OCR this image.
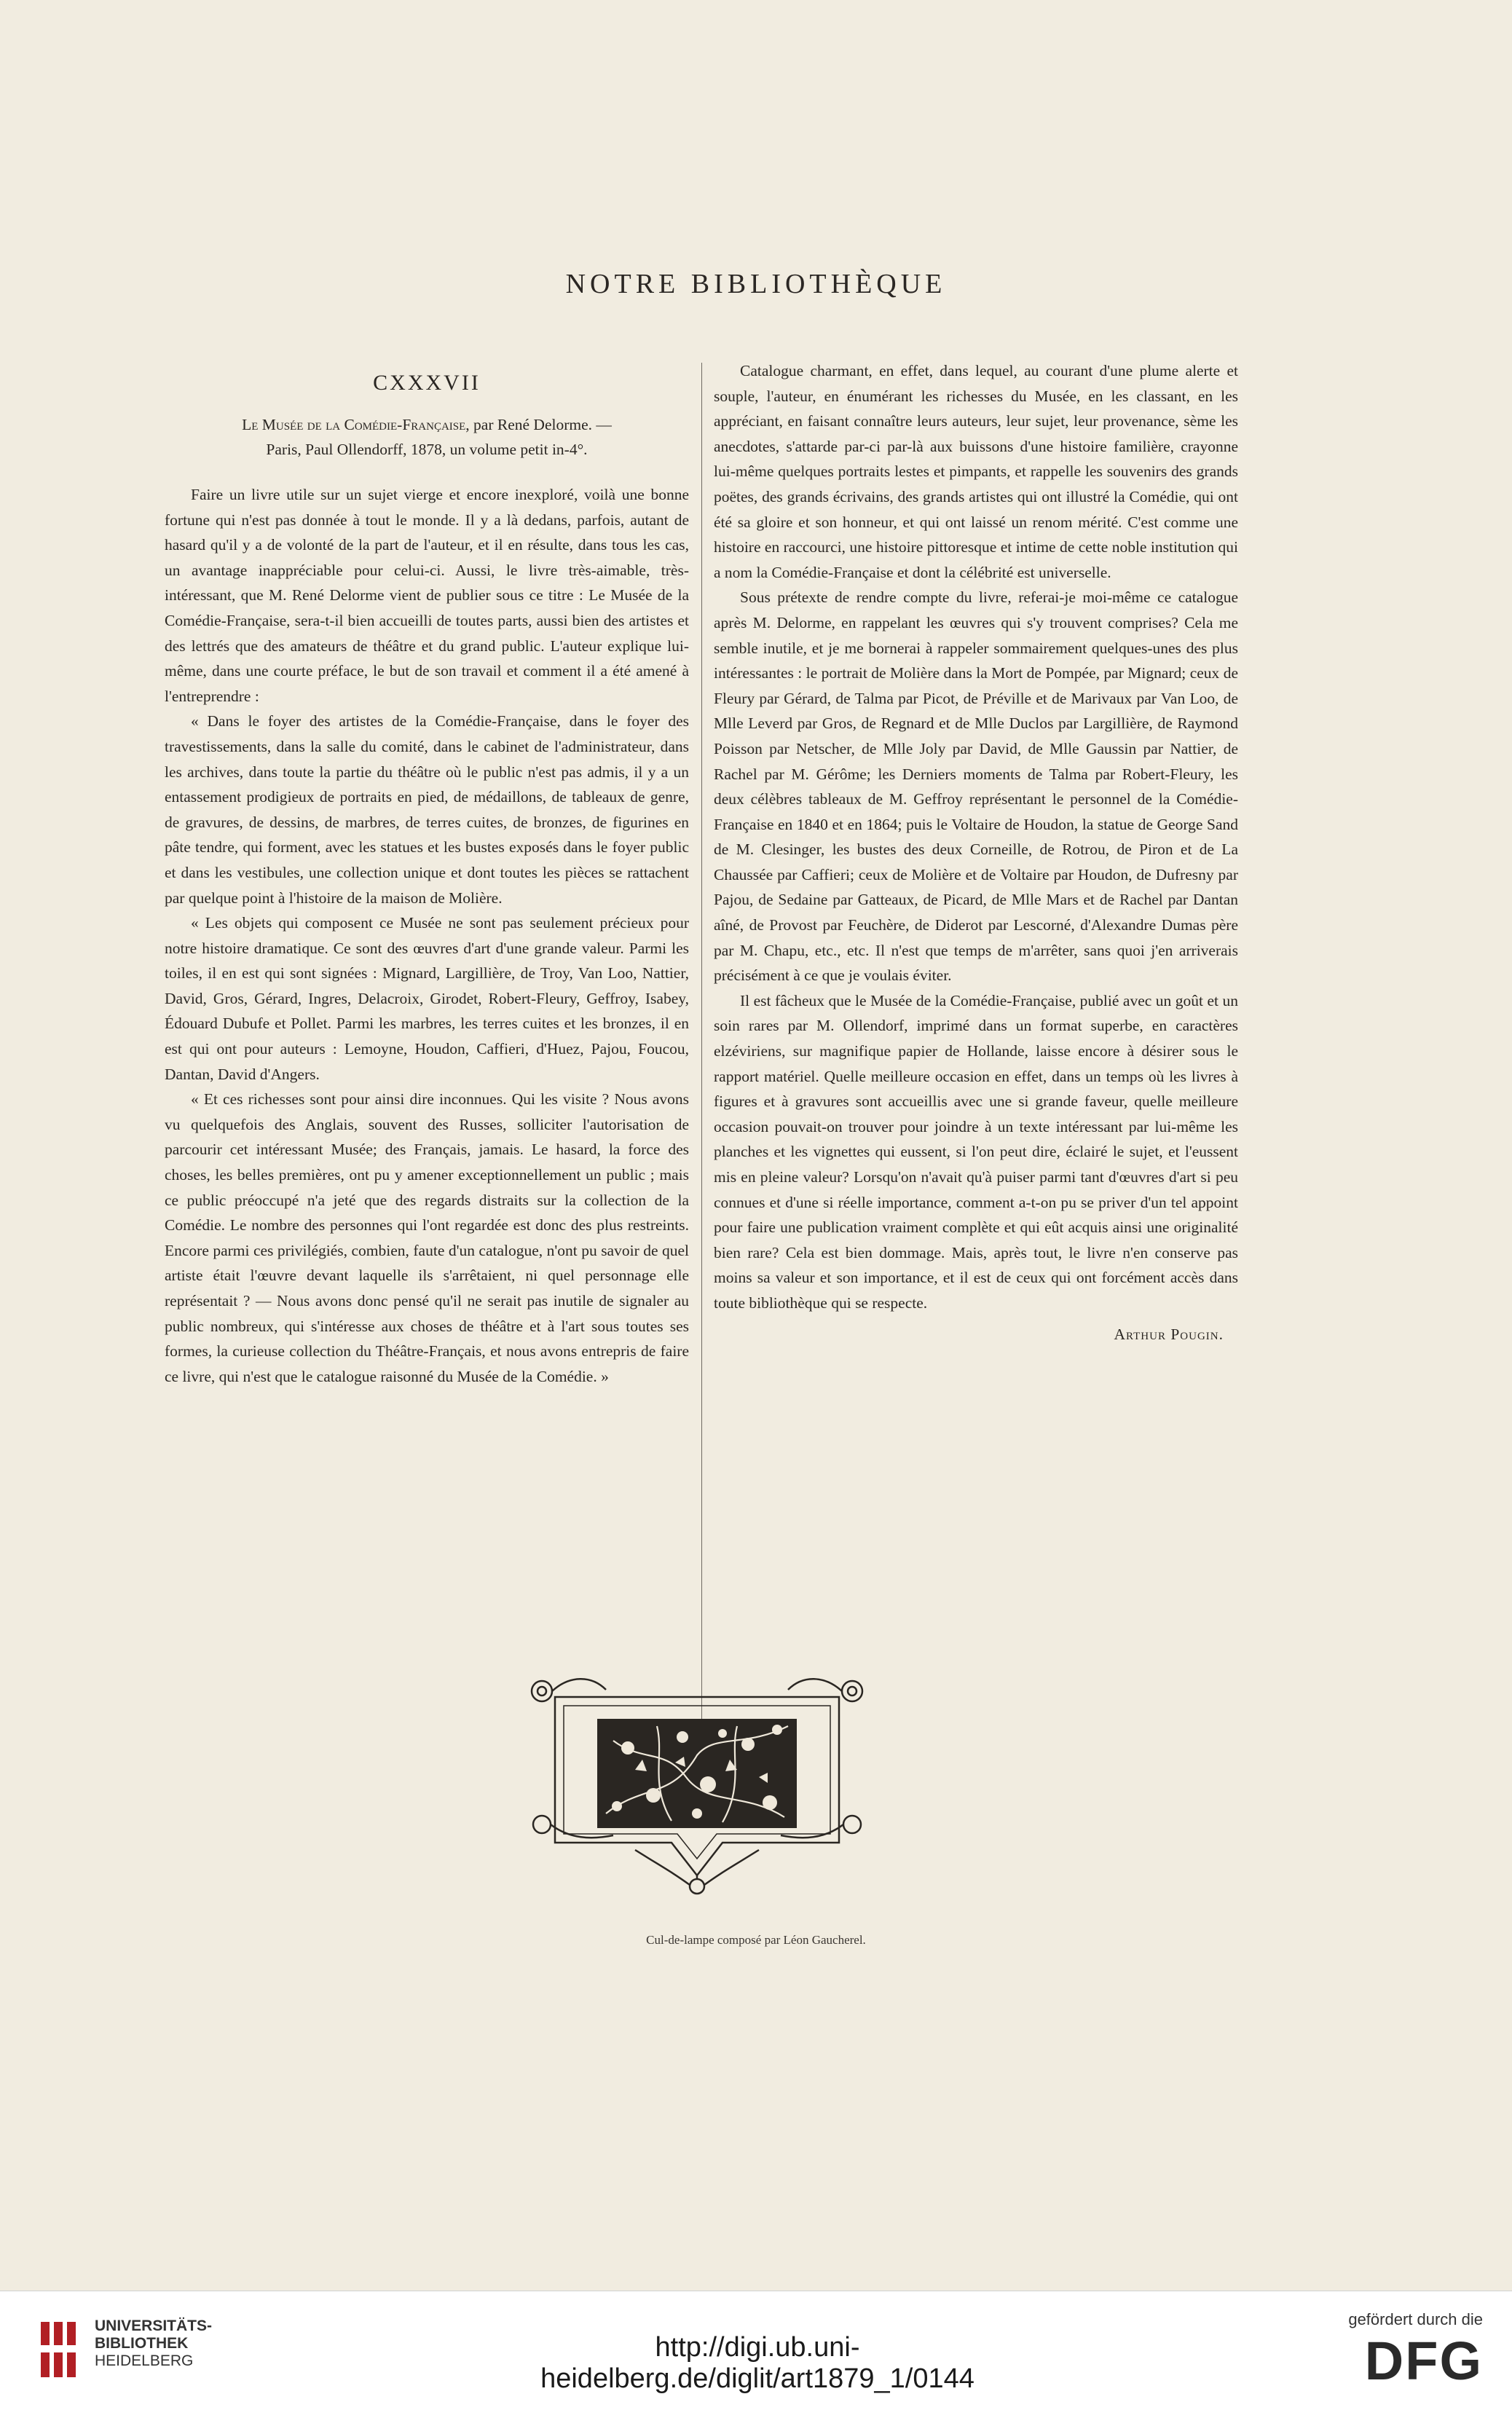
NOTRE BIBLIOTHÈQUE
CXXXVII
Le Musée de la Comédie-Française, par René Delorme. —
Paris, Paul Ollendorff, 1878, un volume petit in-4°.

Faire un livre utile sur un sujet vierge et encore inexploré, voilà une bonne fortune qui n'est pas donnée à tout le monde. Il y a là dedans, parfois, autant de hasard qu'il y a de volonté de la part de l'auteur, et il en résulte, dans tous les cas, un avantage inappréciable pour celui-ci. Aussi, le livre très-aimable, très-intéressant, que M. René Delorme vient de publier sous ce titre : Le Musée de la Comédie-Française, sera-t-il bien accueilli de toutes parts, aussi bien des artistes et des lettrés que des amateurs de théâtre et du grand public. L'auteur explique lui-même, dans une courte préface, le but de son travail et comment il a été amené à l'entreprendre :

« Dans le foyer des artistes de la Comédie-Française, dans le foyer des travestissements, dans la salle du comité, dans le cabinet de l'administrateur, dans les archives, dans toute la partie du théâtre où le public n'est pas admis, il y a un entassement prodigieux de portraits en pied, de médaillons, de tableaux de genre, de gravures, de dessins, de marbres, de terres cuites, de bronzes, de figurines en pâte tendre, qui forment, avec les statues et les bustes exposés dans le foyer public et dans les vestibules, une collection unique et dont toutes les pièces se rattachent par quelque point à l'histoire de la maison de Molière.

« Les objets qui composent ce Musée ne sont pas seulement précieux pour notre histoire dramatique. Ce sont des œuvres d'art d'une grande valeur. Parmi les toiles, il en est qui sont signées : Mignard, Largillière, de Troy, Van Loo, Nattier, David, Gros, Gérard, Ingres, Delacroix, Girodet, Robert-Fleury, Geffroy, Isabey, Édouard Dubufe et Pollet. Parmi les marbres, les terres cuites et les bronzes, il en est qui ont pour auteurs : Lemoyne, Houdon, Caffieri, d'Huez, Pajou, Foucou, Dantan, David d'Angers.

« Et ces richesses sont pour ainsi dire inconnues. Qui les visite ? Nous avons vu quelquefois des Anglais, souvent des Russes, solliciter l'autorisation de parcourir cet intéressant Musée; des Français, jamais. Le hasard, la force des choses, les belles premières, ont pu y amener exceptionnellement un public ; mais ce public préoccupé n'a jeté que des regards distraits sur la collection de la Comédie. Le nombre des personnes qui l'ont regardée est donc des plus restreints. Encore parmi ces privilégiés, combien, faute d'un catalogue, n'ont pu savoir de quel artiste était l'œuvre devant laquelle ils s'arrêtaient, ni quel personnage elle représentait ? — Nous avons donc pensé qu'il ne serait pas inutile de signaler au public nombreux, qui s'intéresse aux choses de théâtre et à l'art sous toutes ses formes, la curieuse collection du Théâtre-Français, et nous avons entrepris de faire ce livre, qui n'est que le catalogue raisonné du Musée de la Comédie. »

Catalogue charmant, en effet, dans lequel, au courant d'une plume alerte et souple, l'auteur, en énumérant les richesses du Musée, en les classant, en les appréciant, en faisant connaître leurs auteurs, leur sujet, leur provenance, sème les anecdotes, s'attarde par-ci par-là aux buissons d'une histoire familière, crayonne lui-même quelques portraits lestes et pimpants, et rappelle les souvenirs des grands poëtes, des grands écrivains, des grands artistes qui ont illustré la Comédie, qui ont été sa gloire et son honneur, et qui ont laissé un renom mérité. C'est comme une histoire en raccourci, une histoire pittoresque et intime de cette noble institution qui a nom la Comédie-Française et dont la célébrité est universelle.

Sous prétexte de rendre compte du livre, referai-je moi-même ce catalogue après M. Delorme, en rappelant les œuvres qui s'y trouvent comprises? Cela me semble inutile, et je me bornerai à rappeler sommairement quelques-unes des plus intéressantes : le portrait de Molière dans la Mort de Pompée, par Mignard; ceux de Fleury par Gérard, de Talma par Picot, de Préville et de Marivaux par Van Loo, de Mlle Leverd par Gros, de Regnard et de Mlle Duclos par Largillière, de Raymond Poisson par Netscher, de Mlle Joly par David, de Mlle Gaussin par Nattier, de Rachel par M. Gérôme; les Derniers moments de Talma par Robert-Fleury, les deux célèbres tableaux de M. Geffroy représentant le personnel de la Comédie-Française en 1840 et en 1864; puis le Voltaire de Houdon, la statue de George Sand de M. Clesinger, les bustes des deux Corneille, de Rotrou, de Piron et de La Chaussée par Caffieri; ceux de Molière et de Voltaire par Houdon, de Dufresny par Pajou, de Sedaine par Gatteaux, de Picard, de Mlle Mars et de Rachel par Dantan aîné, de Provost par Feuchère, de Diderot par Lescorné, d'Alexandre Dumas père par M. Chapu, etc., etc. Il n'est que temps de m'arrêter, sans quoi j'en arriverais précisément à ce que je voulais éviter.

Il est fâcheux que le Musée de la Comédie-Française, publié avec un goût et un soin rares par M. Ollendorf, imprimé dans un format superbe, en caractères elzéviriens, sur magnifique papier de Hollande, laisse encore à désirer sous le rapport matériel. Quelle meilleure occasion en effet, dans un temps où les livres à figures et à gravures sont accueillis avec une si grande faveur, quelle meilleure occasion pouvait-on trouver pour joindre à un texte intéressant par lui-même les planches et les vignettes qui eussent, si l'on peut dire, éclairé le sujet, et l'eussent mis en pleine valeur? Lorsqu'on n'avait qu'à puiser parmi tant d'œuvres d'art si peu connues et d'une si réelle importance, comment a-t-on pu se priver d'un tel appoint pour faire une publication vraiment complète et qui eût acquis ainsi une originalité bien rare? Cela est bien dommage. Mais, après tout, le livre n'en conserve pas moins sa valeur et son importance, et il est de ceux qui ont forcément accès dans toute bibliothèque qui se respecte.

Arthur Pougin.
Cul-de-lampe composé par Léon Gaucherel.
UNIVERSITÄTS-
BIBLIOTHEK
HEIDELBERG	http://digi.ub.uni-heidelberg.de/diglit/art1879_1/0144
gefördert durch die
DFG
